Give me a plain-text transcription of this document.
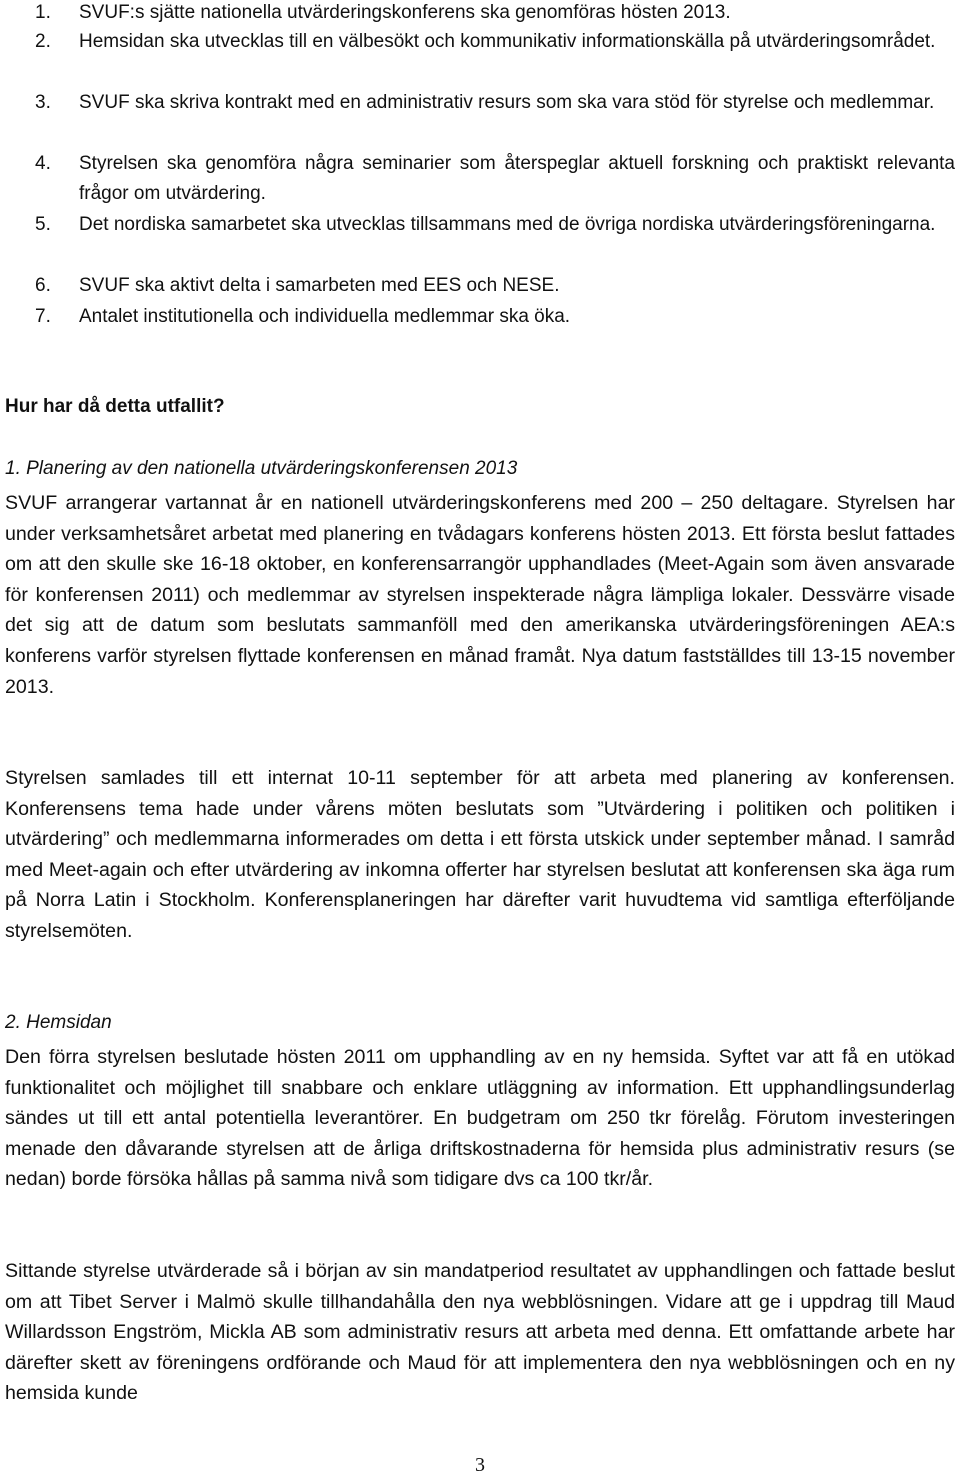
1. SVUF:s sjätte nationella utvärderingskonferens ska genomföras hösten 2013.
2. Hemsidan ska utvecklas till en välbesökt och kommunikativ informationskälla på utvärderingsområdet.
3. SVUF ska skriva kontrakt med en administrativ resurs som ska vara stöd för styrelse och medlemmar.
4. Styrelsen ska genomföra några seminarier som återspeglar aktuell forskning och praktiskt relevanta frågor om utvärdering.
5. Det nordiska samarbetet ska utvecklas tillsammans med de övriga nordiska utvärderingsföreningarna.
6. SVUF ska aktivt delta i samarbeten med EES och NESE.
7. Antalet institutionella och individuella medlemmar ska öka.
Hur har då detta utfallit?
1. Planering av den nationella utvärderingskonferensen 2013

SVUF arrangerar vartannat år en nationell utvärderingskonferens med 200 – 250 deltagare. Styrelsen har under verksamhetsåret arbetat med planering en tvådagars konferens hösten 2013. Ett första beslut fattades om att den skulle ske 16-18 oktober, en konferensarrangör upphandlades (Meet-Again som även ansvarade för konferensen 2011) och medlemmar av styrelsen inspekterade några lämpliga lokaler. Dessvärre visade det sig att de datum som beslutats sammanföll med den amerikanska utvärderingsföreningen AEA:s konferens varför styrelsen flyttade konferensen en månad framåt. Nya datum fastställdes till 13-15 november 2013.

Styrelsen samlades till ett internat 10-11 september för att arbeta med planering av konferensen. Konferensens tema hade under vårens möten beslutats som ”Utvärdering i politiken och politiken i utvärdering” och medlemmarna informerades om detta i ett första utskick under september månad. I samråd med Meet-again och efter utvärdering av inkomna offerter har styrelsen beslutat att konferensen ska äga rum på Norra Latin i Stockholm. Konferensplaneringen har därefter varit huvudtema vid samtliga efterföljande styrelsemöten.

2. Hemsidan

Den förra styrelsen beslutade hösten 2011 om upphandling av en ny hemsida. Syftet var att få en utökad funktionalitet och möjlighet till snabbare och enklare utläggning av information. Ett upphandlingsunderlag sändes ut till ett antal potentiella leverantörer. En budgetram om 250 tkr förelåg. Förutom investeringen menade den dåvarande styrelsen att de årliga driftskostnaderna för hemsida plus administrativ resurs (se nedan) borde försöka hållas på samma nivå som tidigare dvs ca 100 tkr/år.

Sittande styrelse utvärderade så i början av sin mandatperiod resultatet av upphandlingen och fattade beslut om att Tibet Server i Malmö skulle tillhandahålla den nya webblösningen. Vidare att ge i uppdrag till Maud Willardsson Engström, Mickla AB som administrativ resurs att arbeta med denna. Ett omfattande arbete har därefter skett av föreningens ordförande och Maud för att implementera den nya webblösningen och en ny hemsida kunde

3
